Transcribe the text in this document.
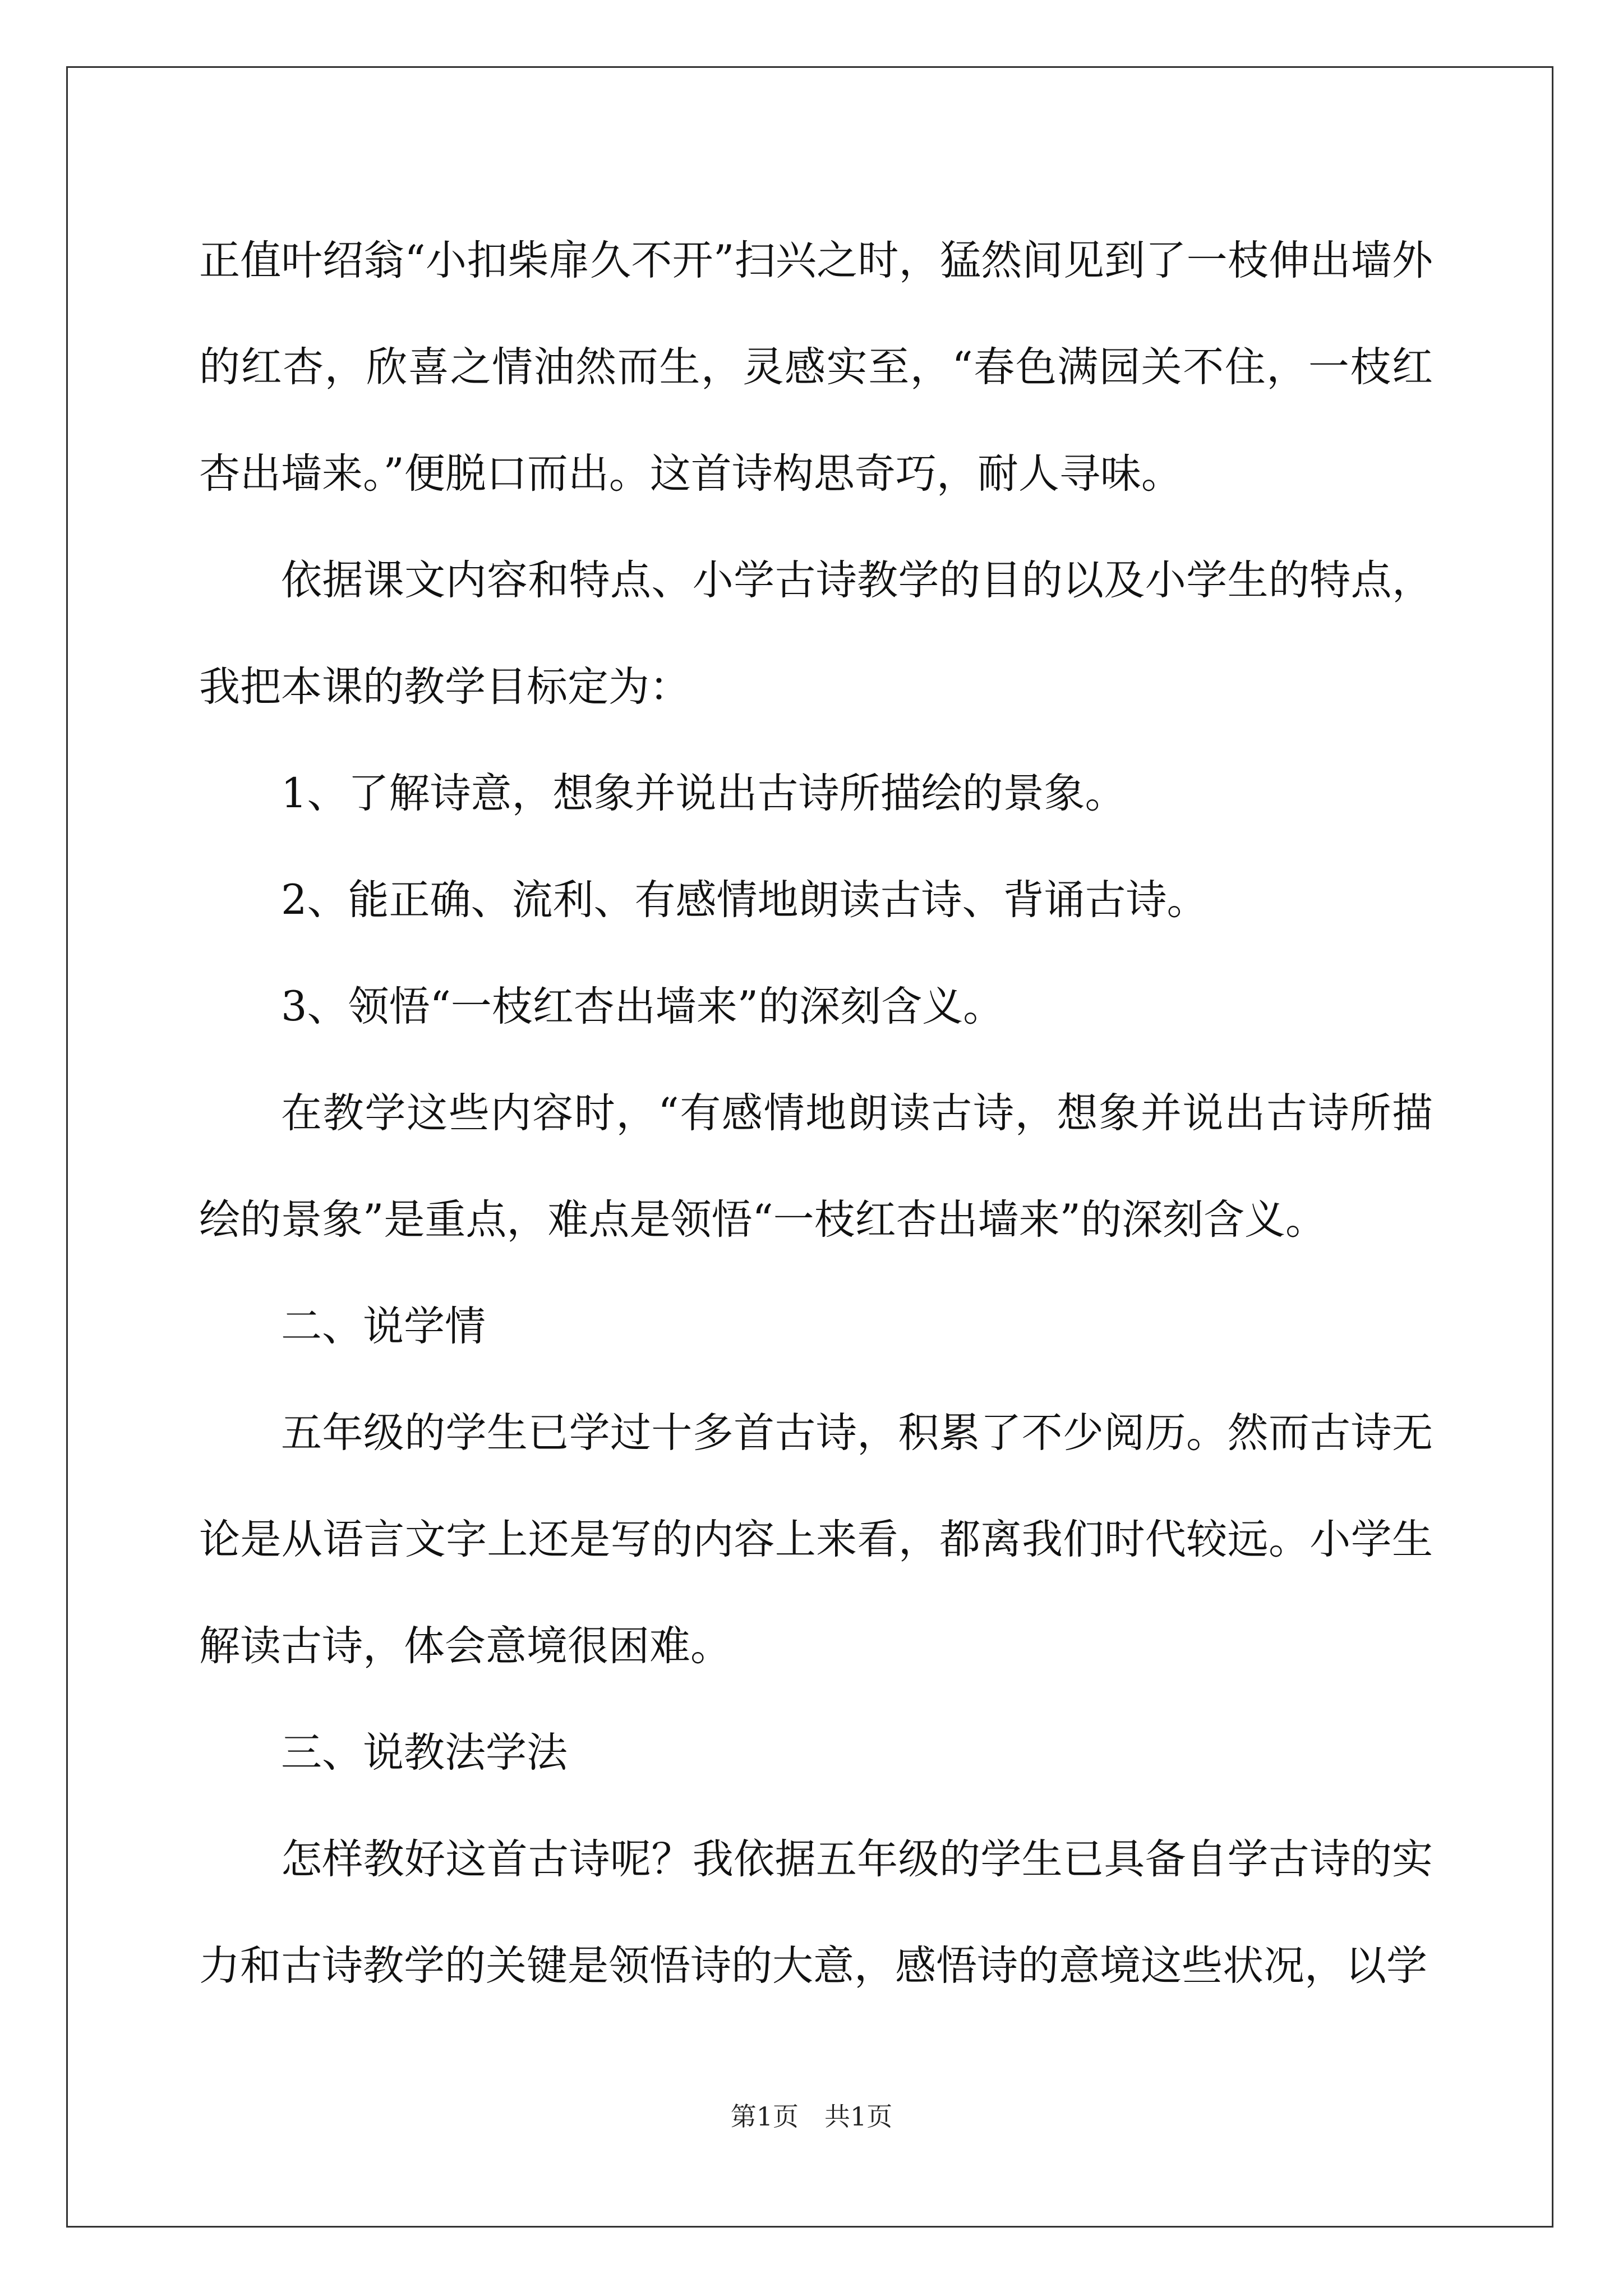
正值叶绍翁“小扣柴扉久不开”扫兴之时，猛然间见到了一枝伸出墙外的红杏，欣喜之情油然而生，灵感实至，“春色满园关不住，一枝红杏出墙来。”便脱口而出。这首诗构思奇巧，耐人寻味。

依据课文内容和特点、小学古诗教学的目的以及小学生的特点，我把本课的教学目标定为：

1、了解诗意，想象并说出古诗所描绘的景象。

2、能正确、流利、有感情地朗读古诗、背诵古诗。

3、领悟“一枝红杏出墙来”的深刻含义。

在教学这些内容时，“有感情地朗读古诗，想象并说出古诗所描绘的景象”是重点，难点是领悟“一枝红杏出墙来”的深刻含义。

二、说学情

五年级的学生已学过十多首古诗，积累了不少阅历。然而古诗无论是从语言文字上还是写的内容上来看，都离我们时代较远。小学生解读古诗，体会意境很困难。

三、说教法学法

怎样教好这首古诗呢？我依据五年级的学生已具备自学古诗的实力和古诗教学的关键是领悟诗的大意，感悟诗的意境这些状况，以学

第1页　共1页
